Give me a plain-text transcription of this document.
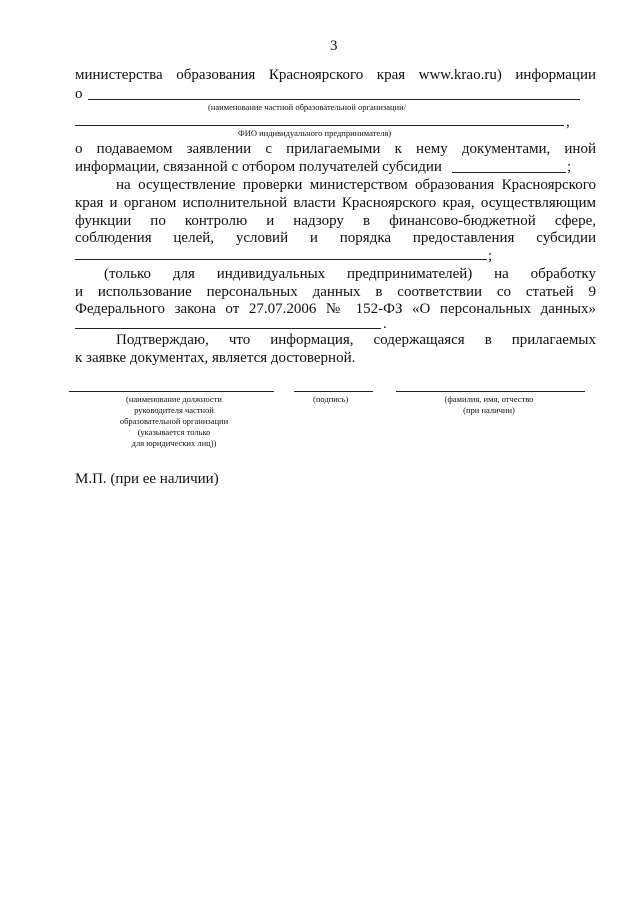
3
министерства образования Красноярского края www.krao.ru) информации
о
(наименование частной образовательной организации/
,
ФИО индивидуального предпринимателя)
о подаваемом заявлении с прилагаемыми к нему документами, иной
информации, связанной с отбором получателей субсидии	;
на осуществление проверки министерством образования Красноярского
края и органом исполнительной власти Красноярского края, осуществляющим
функции по контролю и надзору в финансово-бюджетной сфере,
соблюдения целей, условий и порядка предоставления субсидии
;
(только для индивидуальных предпринимателей) на обработку
и использование персональных данных в соответствии со статьей 9
Федерального закона от 27.07.2006 № 152-ФЗ «О персональных данных»
.
Подтверждаю, что информация, содержащаяся в прилагаемых
к заявке документах, является достоверной.
(наименование должности
руководителя частной
образовательной организации
(указывается только
для юридических лиц))
(подпись)	(фамилия, имя, отчество
(при наличии)
М.П. (при ее наличии)
